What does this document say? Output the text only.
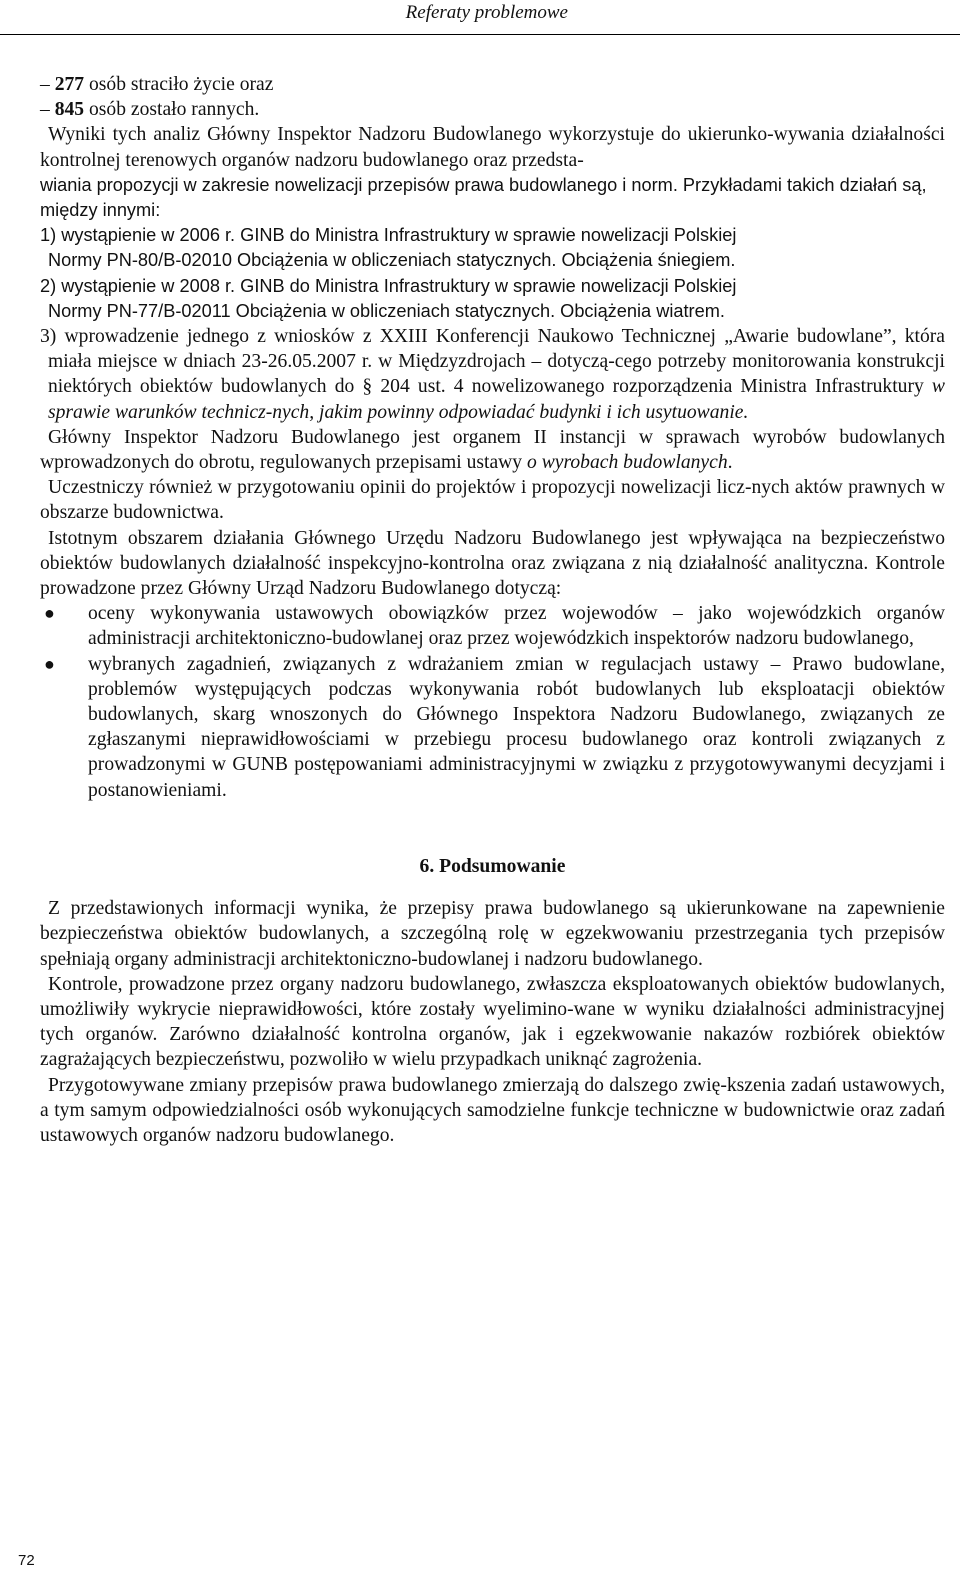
Referaty problemowe

– 277 osób straciło życie oraz

– 845 osób zostało rannych.

Wyniki tych analiz Główny Inspektor Nadzoru Budowlanego wykorzystuje do ukierunko-wywania działalności kontrolnej terenowych organów nadzoru budowlanego oraz przedsta-

wiania propozycji w zakresie nowelizacji przepisów prawa budowlanego i norm. Przykładami takich działań są, między innymi:

1) wystąpienie w 2006 r. GINB do Ministra Infrastruktury w sprawie nowelizacji Polskiej

Normy PN-80/B-02010 Obciążenia w obliczeniach statycznych. Obciążenia śniegiem.

2) wystąpienie w 2008 r. GINB do Ministra Infrastruktury w sprawie nowelizacji Polskiej

Normy PN-77/B-02011 Obciążenia w obliczeniach statycznych. Obciążenia wiatrem.

3) wprowadzenie jednego z wniosków z XXIII Konferencji Naukowo Technicznej „Awarie budowlane”, która miała miejsce w dniach 23-26.05.2007 r. w Międzyzdrojach – dotyczą-cego potrzeby monitorowania konstrukcji niektórych obiektów budowlanych do § 204 ust. 4 nowelizowanego rozporządzenia Ministra Infrastruktury w sprawie warunków technicz-nych, jakim powinny odpowiadać budynki i ich usytuowanie.

Główny Inspektor Nadzoru Budowlanego jest organem II instancji w sprawach wyrobów budowlanych wprowadzonych do obrotu, regulowanych przepisami ustawy o wyrobach budowlanych.

Uczestniczy również w przygotowaniu opinii do projektów i propozycji nowelizacji licz-nych aktów prawnych w obszarze budownictwa.

Istotnym obszarem działania Głównego Urzędu Nadzoru Budowlanego jest wpływająca na bezpieczeństwo obiektów budowlanych działalność inspekcyjno-kontrolna oraz związana z nią działalność analityczna. Kontrole prowadzone przez Główny Urząd Nadzoru Budowlanego dotyczą:

● oceny wykonywania ustawowych obowiązków przez wojewodów – jako wojewódzkich organów administracji architektoniczno-budowlanej oraz przez wojewódzkich inspektorów nadzoru budowlanego,
● wybranych zagadnień, związanych z wdrażaniem zmian w regulacjach ustawy – Prawo budowlane, problemów występujących podczas wykonywania robót budowlanych lub eksploatacji obiektów budowlanych, skarg wnoszonych do Głównego Inspektora Nadzoru Budowlanego, związanych ze zgłaszanymi nieprawidłowościami w przebiegu procesu budowlanego oraz kontroli związanych z prowadzonymi w GUNB postępowaniami administracyjnymi w związku z przygotowywanymi decyzjami i postanowieniami.

6. Podsumowanie

Z przedstawionych informacji wynika, że przepisy prawa budowlanego są ukierunkowane na zapewnienie bezpieczeństwa obiektów budowlanych, a szczególną rolę w egzekwowaniu przestrzegania tych przepisów spełniają organy administracji architektoniczno-budowlanej i nadzoru budowlanego.

Kontrole, prowadzone przez organy nadzoru budowlanego, zwłaszcza eksploatowanych obiektów budowlanych, umożliwiły wykrycie nieprawidłowości, które zostały wyelimino-wane w wyniku działalności administracyjnej tych organów. Zarówno działalność kontrolna organów, jak i egzekwowanie nakazów rozbiórek obiektów zagrażających bezpieczeństwu, pozwoliło w wielu przypadkach uniknąć zagrożenia.

Przygotowywane zmiany przepisów prawa budowlanego zmierzają do dalszego zwię-kszenia zadań ustawowych, a tym samym odpowiedzialności osób wykonujących samodzielne funkcje techniczne w budownictwie oraz zadań ustawowych organów nadzoru budowlanego.

72
